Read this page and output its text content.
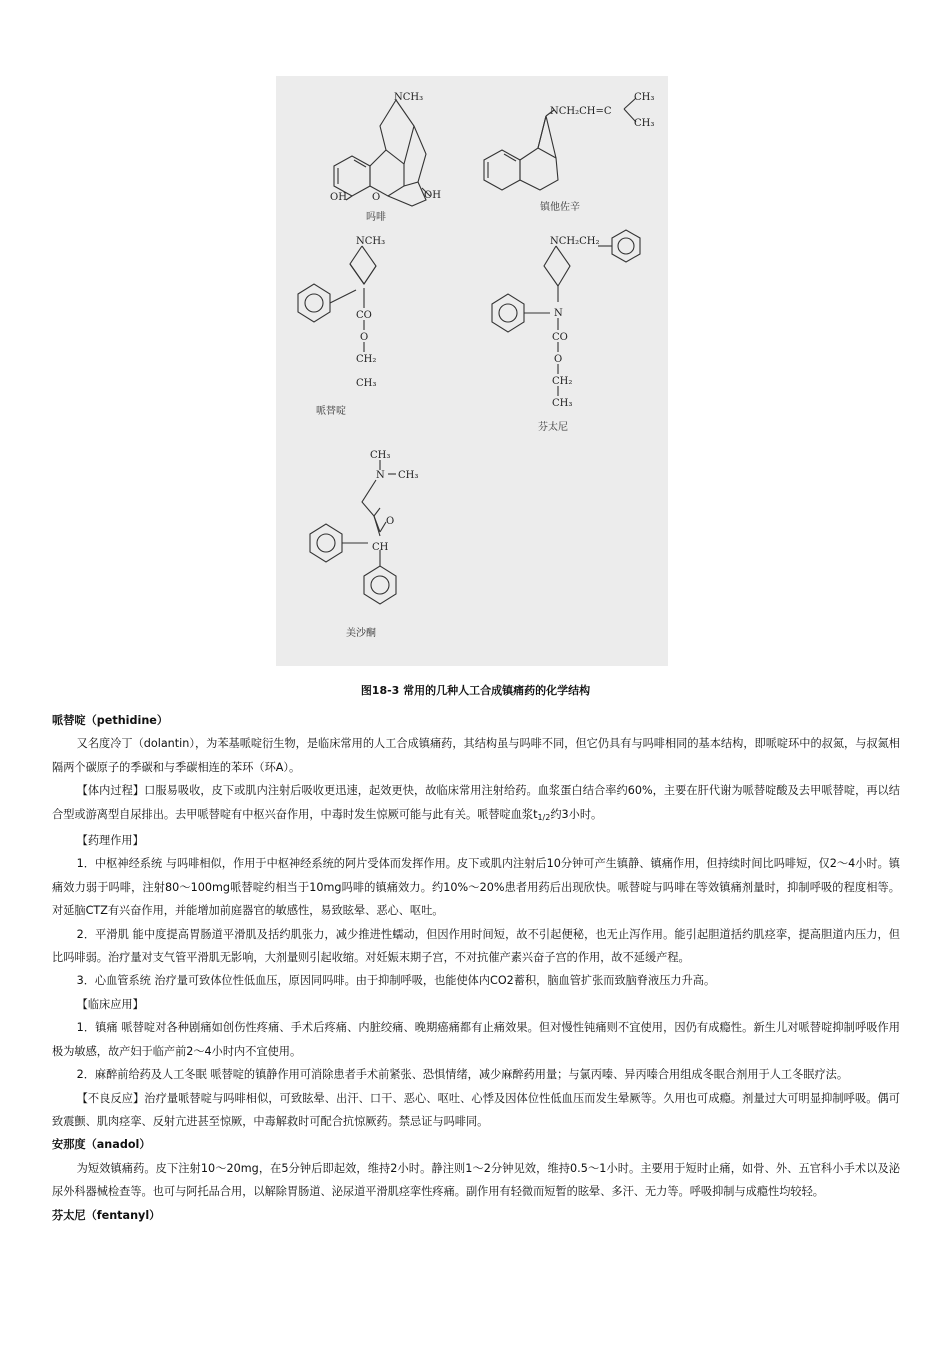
NCH₃
OH	O	OH
吗啡
NCH₂CH=C
CH₃
CH₃
镇他佐辛
NCH₃
CO
O
CH₂
CH₃
哌替啶
NCH₂CH₂
N
CO
O
CH₂
CH₃
芬太尼
CH₃
N CH₃
O
CH
美沙酮
图18-3 常用的几种人工合成镇痛药的化学结构

哌替啶（pethidine）

又名度冷丁（dolantin），为苯基哌啶衍生物，是临床常用的人工合成镇痛药，其结构虽与吗啡不同，但它仍具有与吗啡相同的基本结构，即哌啶环中的叔氮，与叔氮相隔两个碳原子的季碳和与季碳相连的苯环（环A）。

【体内过程】口服易吸收，皮下或肌内注射后吸收更迅速，起效更快，故临床常用注射给药。血浆蛋白结合率约60%，主要在肝代谢为哌替啶酸及去甲哌替啶，再以结合型或游离型自尿排出。去甲哌替啶有中枢兴奋作用，中毒时发生惊厥可能与此有关。哌替啶血浆$t_{1/2}$约3小时。

【药理作用】

1．中枢神经系统 与吗啡相似，作用于中枢神经系统的阿片受体而发挥作用。皮下或肌内注射后10分钟可产生镇静、镇痛作用，但持续时间比吗啡短，仅2～4小时。镇痛效力弱于吗啡，注射80～100mg哌替啶约相当于10mg吗啡的镇痛效力。约10%～20%患者用药后出现欣快。哌替啶与吗啡在等效镇痛剂量时，抑制呼吸的程度相等。对延脑CTZ有兴奋作用，并能增加前庭器官的敏感性，易致眩晕、恶心、呕吐。

2．平滑肌 能中度提高胃肠道平滑肌及括约肌张力，减少推进性蠕动，但因作用时间短，故不引起便秘，也无止泻作用。能引起胆道括约肌痉挛，提高胆道内压力，但比吗啡弱。治疗量对支气管平滑肌无影响，大剂量则引起收缩。对妊娠末期子宫，不对抗催产素兴奋子宫的作用，故不延缓产程。

3．心血管系统 治疗量可致体位性低血压，原因同吗啡。由于抑制呼吸，也能使体内CO2蓄积，脑血管扩张而致脑脊液压力升高。

【临床应用】

1．镇痛 哌替啶对各种剧痛如创伤性疼痛、手术后疼痛、内脏绞痛、晚期癌痛都有止痛效果。但对慢性钝痛则不宜使用，因仍有成瘾性。新生儿对哌替啶抑制呼吸作用极为敏感，故产妇于临产前2～4小时内不宜使用。

2．麻醉前给药及人工冬眠 哌替啶的镇静作用可消除患者手术前紧张、恐惧情绪，减少麻醉药用量；与氯丙嗪、异丙嗪合用组成冬眠合剂用于人工冬眠疗法。

【不良反应】治疗量哌替啶与吗啡相似，可致眩晕、出汗、口干、恶心、呕吐、心悸及因体位性低血压而发生晕厥等。久用也可成瘾。剂量过大可明显抑制呼吸。偶可致震颤、肌肉痉挛、反射亢进甚至惊厥，中毒解救时可配合抗惊厥药。禁忌证与吗啡同。

安那度（anadol）

为短效镇痛药。皮下注射10～20mg，在5分钟后即起效，维持2小时。静注则1～2分钟见效，维持0.5～1小时。主要用于短时止痛，如骨、外、五官科小手术以及泌尿外科器械检查等。也可与阿托品合用，以解除胃肠道、泌尿道平滑肌痉挛性疼痛。副作用有轻微而短暂的眩晕、多汗、无力等。呼吸抑制与成瘾性均较轻。

芬太尼（fentanyl）
